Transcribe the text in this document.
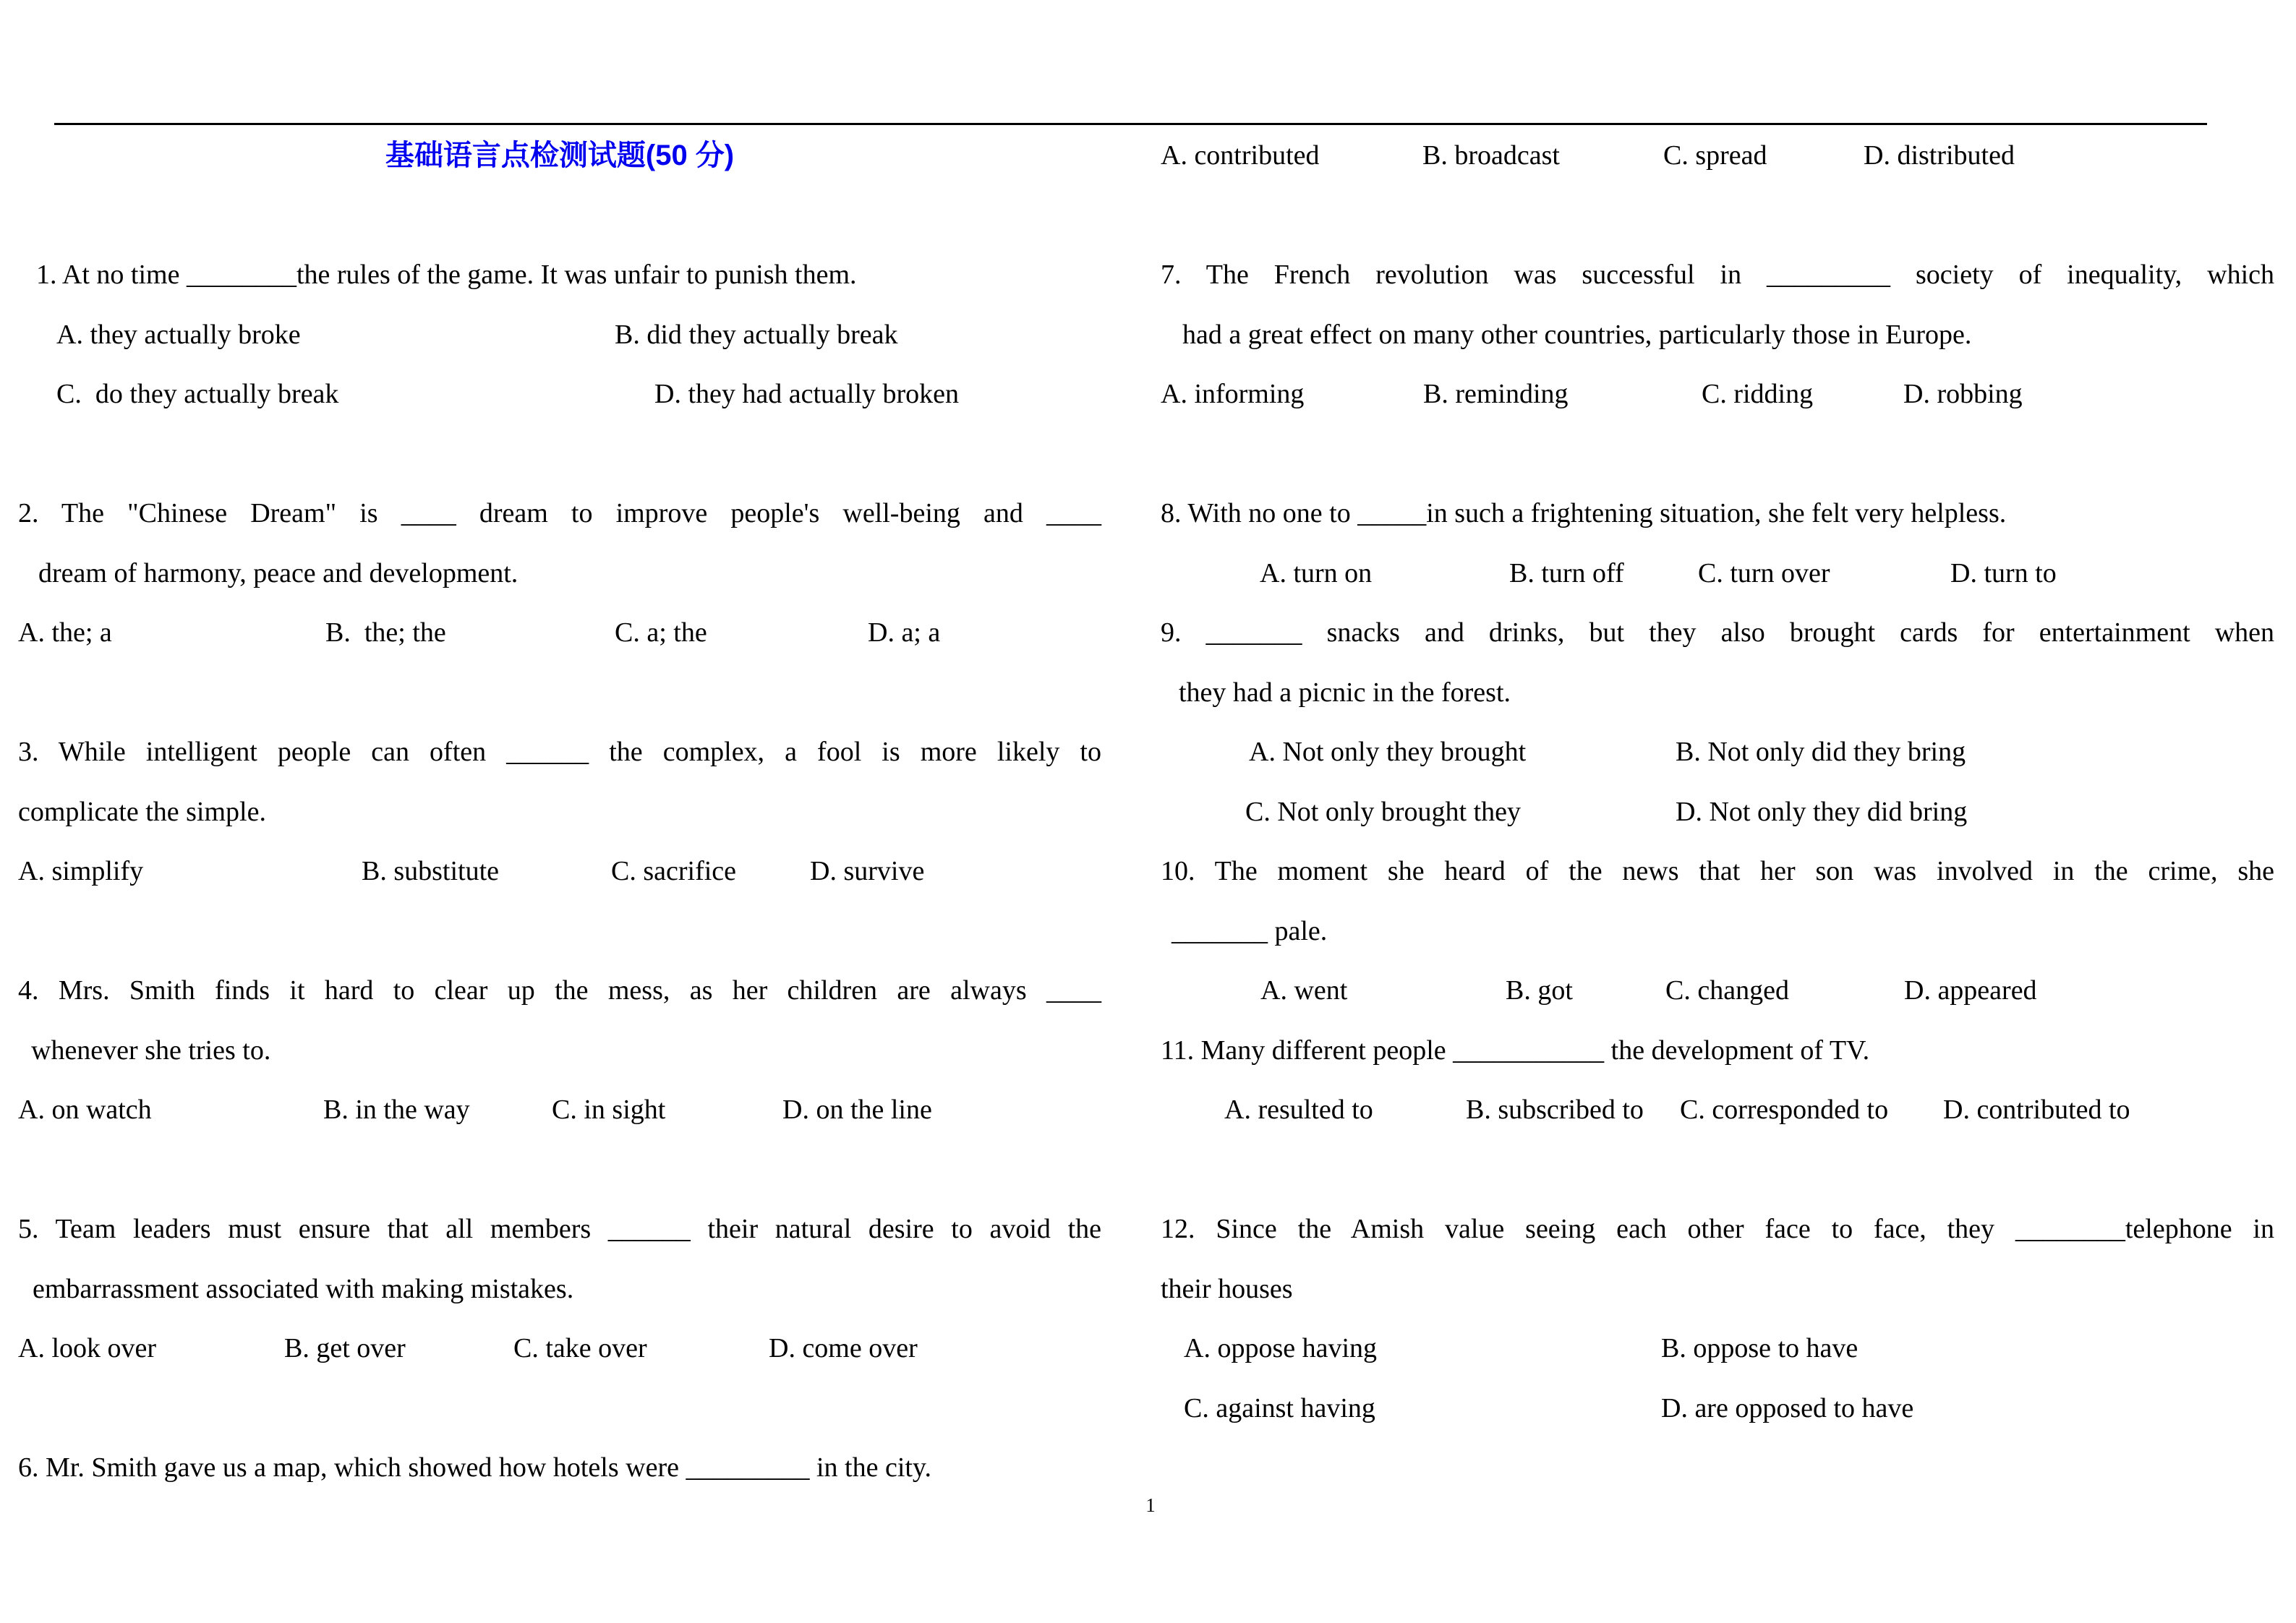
基础语言点检测试题(50 分)
1. At no time ________the rules of the game. It was unfair to punish them.
A. they actually broke	B. did they actually break
C.  do they actually break	D. they had actually broken
2. The "Chinese Dream" is ____ dream to improve people's well-being and ____
dream of harmony, peace and development.
A. the; a	B.  the; the	C. a; the	D. a; a
3. While intelligent people can often ______ the complex, a fool is more likely to
complicate the simple.
A. simplify	B. substitute	C. sacrifice	D. survive
4. Mrs. Smith finds it hard to clear up the mess, as her children are always ____
whenever she tries to.
A. on watch	B. in the way	C. in sight	D. on the line
5. Team leaders must ensure that all members ______ their natural desire to avoid the
embarrassment associated with making mistakes.
A. look over	B. get over	C. take over	D. come over
6. Mr. Smith gave us a map, which showed how hotels were _________ in the city.
A. contributed	B. broadcast	C. spread	D. distributed
7. The French revolution was successful in _________ society of inequality, which
had a great effect on many other countries, particularly those in Europe.
A. informing	B. reminding	C. ridding	D. robbing
8. With no one to _____in such a frightening situation, she felt very helpless.
A. turn on	B. turn off	C. turn over	D. turn to
9. _______ snacks and drinks, but they also brought cards for entertainment when
they had a picnic in the forest.
A. Not only they brought	B. Not only did they bring
C. Not only brought they	D. Not only they did bring
10. The moment she heard of the news that her son was involved in the crime, she
_______ pale.
A. went	B. got	C. changed	D. appeared
11. Many different people ___________ the development of TV.
A. resulted to	B. subscribed to C. corresponded to D. contributed to
12. Since the Amish value seeing each other face to face, they ________telephone in
their houses
A. oppose having	B. oppose to have
C. against having	D. are opposed to have
1
